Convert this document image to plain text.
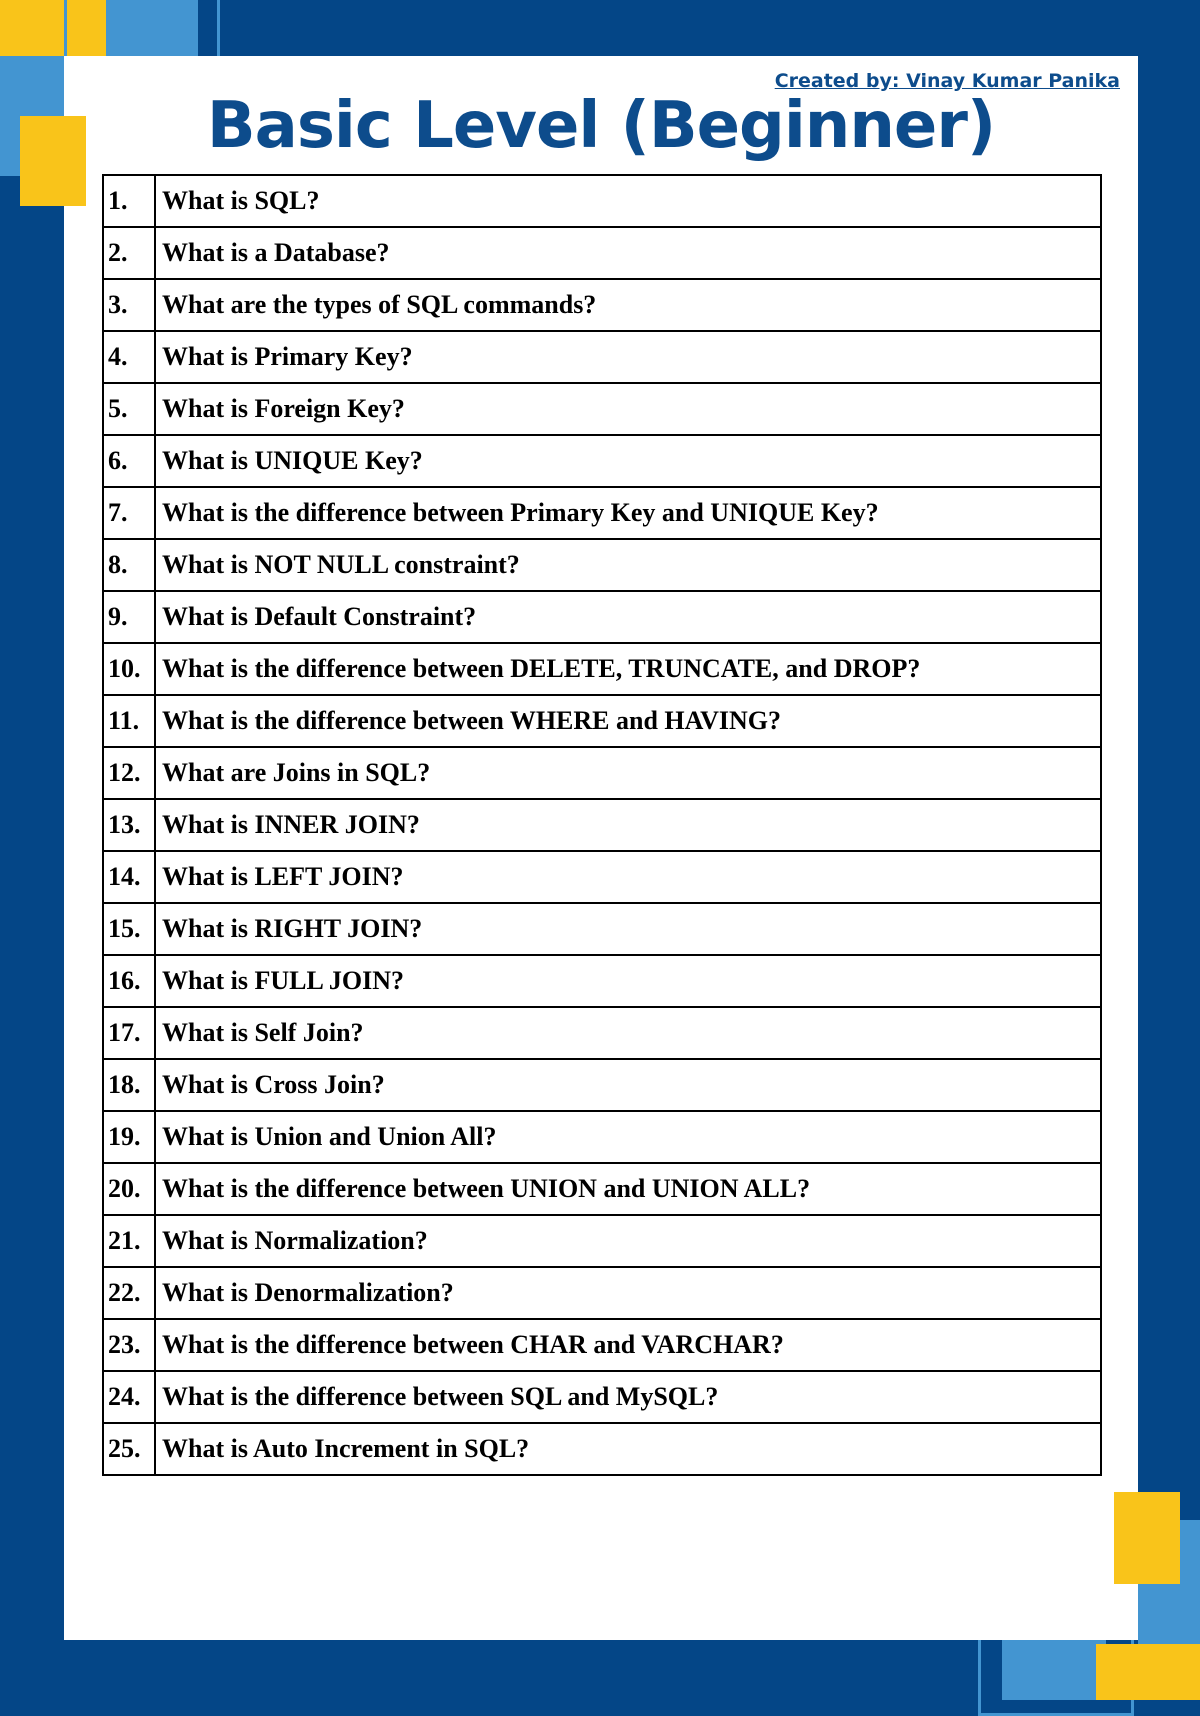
Created by: Vinay Kumar Panika

Basic Level (Beginner)
1.	What is SQL?
2.	What is a Database?
3.	What are the types of SQL commands?
4.	What is Primary Key?
5.	What is Foreign Key?
6.	What is UNIQUE Key?
7.	What is the difference between Primary Key and UNIQUE Key?
8.	What is NOT NULL constraint?
9.	What is Default Constraint?
10.	What is the difference between DELETE, TRUNCATE, and DROP?
11.	What is the difference between WHERE and HAVING?
12.	What are Joins in SQL?
13.	What is INNER JOIN?
14.	What is LEFT JOIN?
15.	What is RIGHT JOIN?
16.	What is FULL JOIN?
17.	What is Self Join?
18.	What is Cross Join?
19.	What is Union and Union All?
20.	What is the difference between UNION and UNION ALL?
21.	What is Normalization?
22.	What is Denormalization?
23.	What is the difference between CHAR and VARCHAR?
24.	What is the difference between SQL and MySQL?
25.	What is Auto Increment in SQL?
